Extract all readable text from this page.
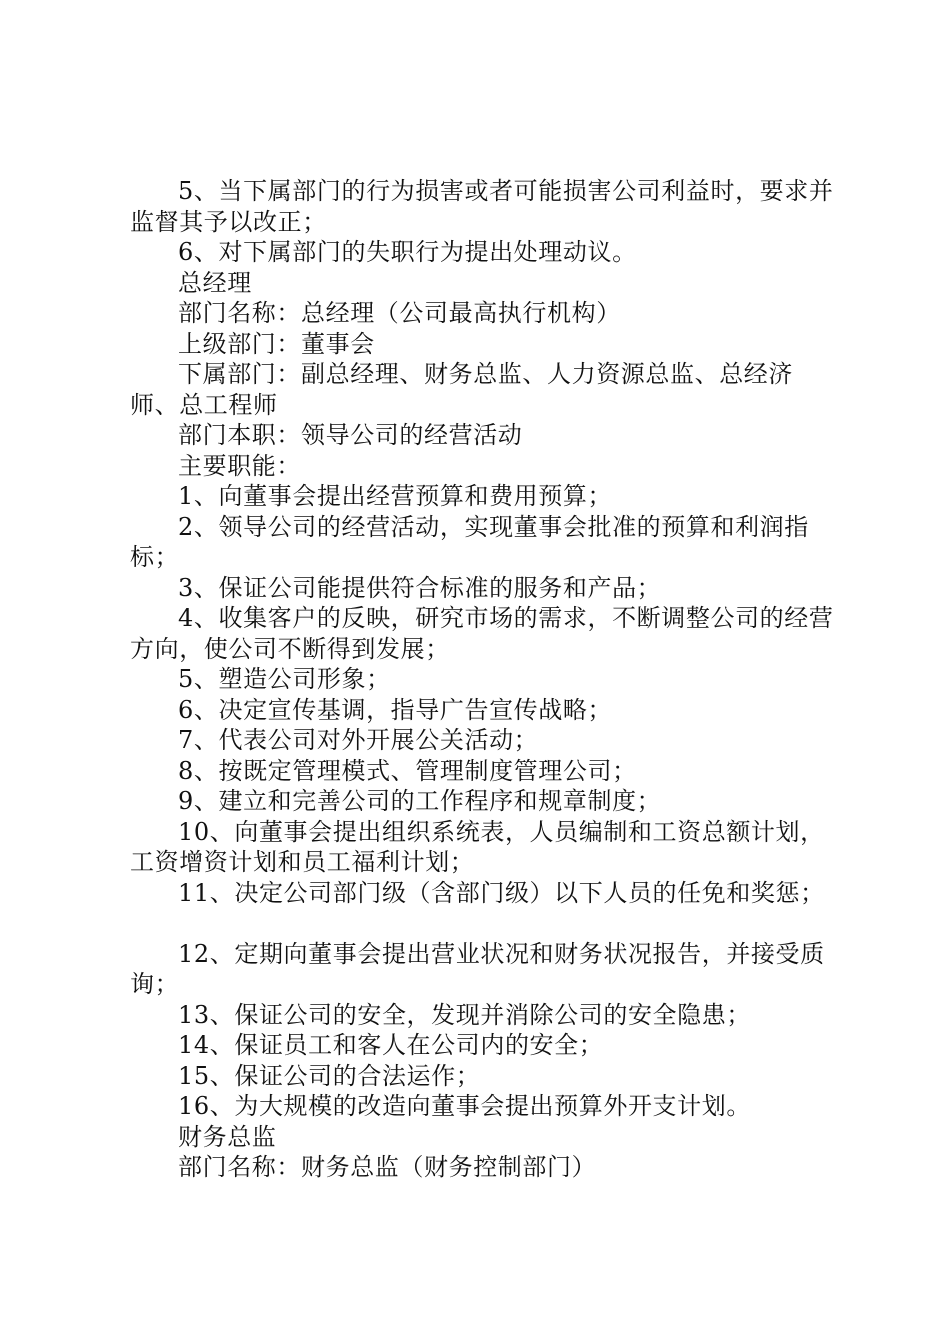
5、当下属部门的行为损害或者可能损害公司利益时，要求并监督其予以改正；

6、对下属部门的失职行为提出处理动议。

总经理

部门名称：总经理（公司最高执行机构）

上级部门：董事会

下属部门：副总经理、财务总监、人力资源总监、总经济师、总工程师

部门本职：领导公司的经营活动

主要职能：

1、向董事会提出经营预算和费用预算；

2、领导公司的经营活动，实现董事会批准的预算和利润指标；

3、保证公司能提供符合标准的服务和产品；

4、收集客户的反映，研究市场的需求，不断调整公司的经营方向，使公司不断得到发展；

5、塑造公司形象；

6、决定宣传基调，指导广告宣传战略；

7、代表公司对外开展公关活动；

8、按既定管理模式、管理制度管理公司；

9、建立和完善公司的工作程序和规章制度；

10、向董事会提出组织系统表，人员编制和工资总额计划，工资增资计划和员工福利计划；

11、决定公司部门级（含部门级）以下人员的任免和奖惩；

12、定期向董事会提出营业状况和财务状况报告，并接受质询；

13、保证公司的安全，发现并消除公司的安全隐患；

14、保证员工和客人在公司内的安全；

15、保证公司的合法运作；

16、为大规模的改造向董事会提出预算外开支计划。

财务总监

部门名称：财务总监（财务控制部门）
